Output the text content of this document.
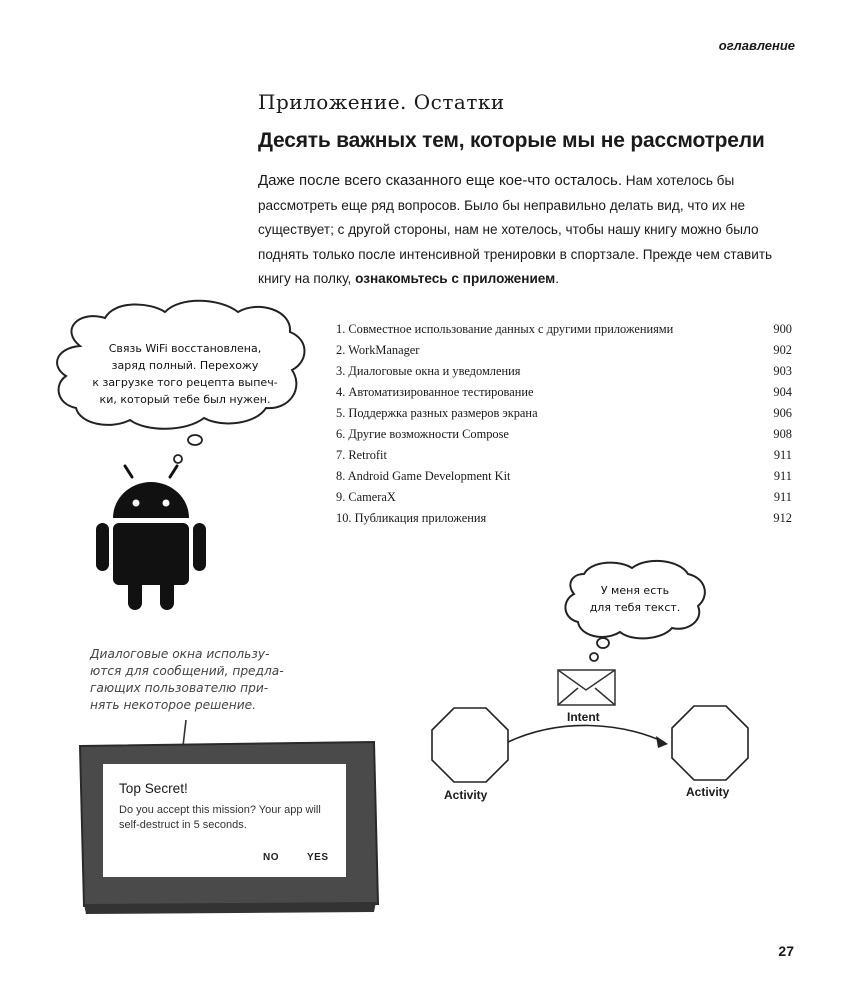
оглавление
Приложение. Остатки
Десять важных тем, которые мы не рассмотрели
Даже после всего сказанного еще кое-что осталось. Нам хотелось бы рассмотреть еще ряд вопросов. Было бы неправильно делать вид, что их не существует; с другой стороны, нам не хотелось, чтобы нашу книгу можно было поднять только после интенсивной тренировки в спортзале. Прежде чем ставить книгу на полку, ознакомьтесь с приложением.
1. Совместное использование данных с другими приложениями	900
2. WorkManager	902
3. Диалоговые окна и уведомления	903
4. Автоматизированное тестирование	904
5. Поддержка разных размеров экрана	906
6. Другие возможности Compose	908
7. Retrofit	911
8. Android Game Development Kit	911
9. CameraX	911
10. Публикация приложения	912
Связь WiFi восстановлена,
заряд полный. Перехожу
к загрузке того рецепта выпеч-
ки, который тебе был нужен.
У меня есть
для тебя текст.
Диалоговые окна использу-
ются для сообщений, предла-
гающих пользователю при-
нять некоторое решение.
Intent
Activity	Activity
Top Secret!
Do you accept this mission? Your app will self-destruct in 5 seconds.
NO	YES
27
